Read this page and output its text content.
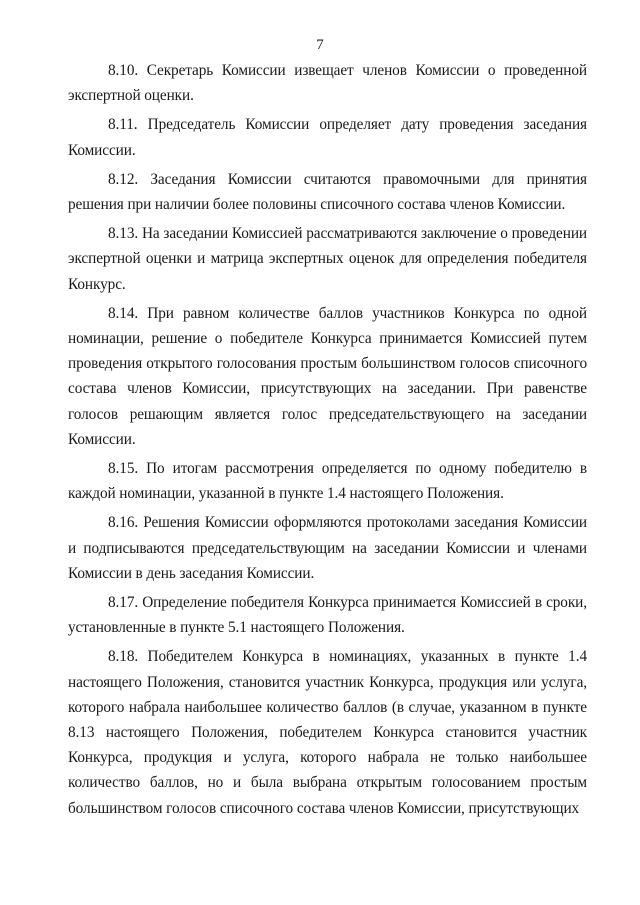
7

8.10. Секретарь Комиссии извещает членов Комиссии о проведенной экспертной оценки.

8.11. Председатель Комиссии определяет дату проведения заседания Комиссии.

8.12. Заседания Комиссии считаются правомочными для принятия решения при наличии более половины списочного состава членов Комиссии.

8.13. На заседании Комиссией рассматриваются заключение о проведении экспертной оценки и матрица экспертных оценок для определения победителя Конкурс.

8.14. При равном количестве баллов участников Конкурса по одной номинации, решение о победителе Конкурса принимается Комиссией путем проведения открытого голосования простым большинством голосов списочного состава членов Комиссии, присутствующих на заседании. При равенстве голосов решающим является голос председательствующего на заседании Комиссии.

8.15. По итогам рассмотрения определяется по одному победителю в каждой номинации, указанной в пункте 1.4 настоящего Положения.

8.16. Решения Комиссии оформляются протоколами заседания Комиссии и подписываются председательствующим на заседании Комиссии и членами Комиссии в день заседания Комиссии.

8.17. Определение победителя Конкурса принимается Комиссией в сроки, установленные в пункте 5.1 настоящего Положения.

8.18. Победителем Конкурса в номинациях, указанных в пункте 1.4 настоящего Положения, становится участник Конкурса, продукция или услуга, которого набрала наибольшее количество баллов (в случае, указанном в пункте 8.13 настоящего Положения, победителем Конкурса становится участник Конкурса, продукция и услуга, которого набрала не только наибольшее количество баллов, но и была выбрана открытым голосованием простым большинством голосов списочного состава членов Комиссии, присутствующих
